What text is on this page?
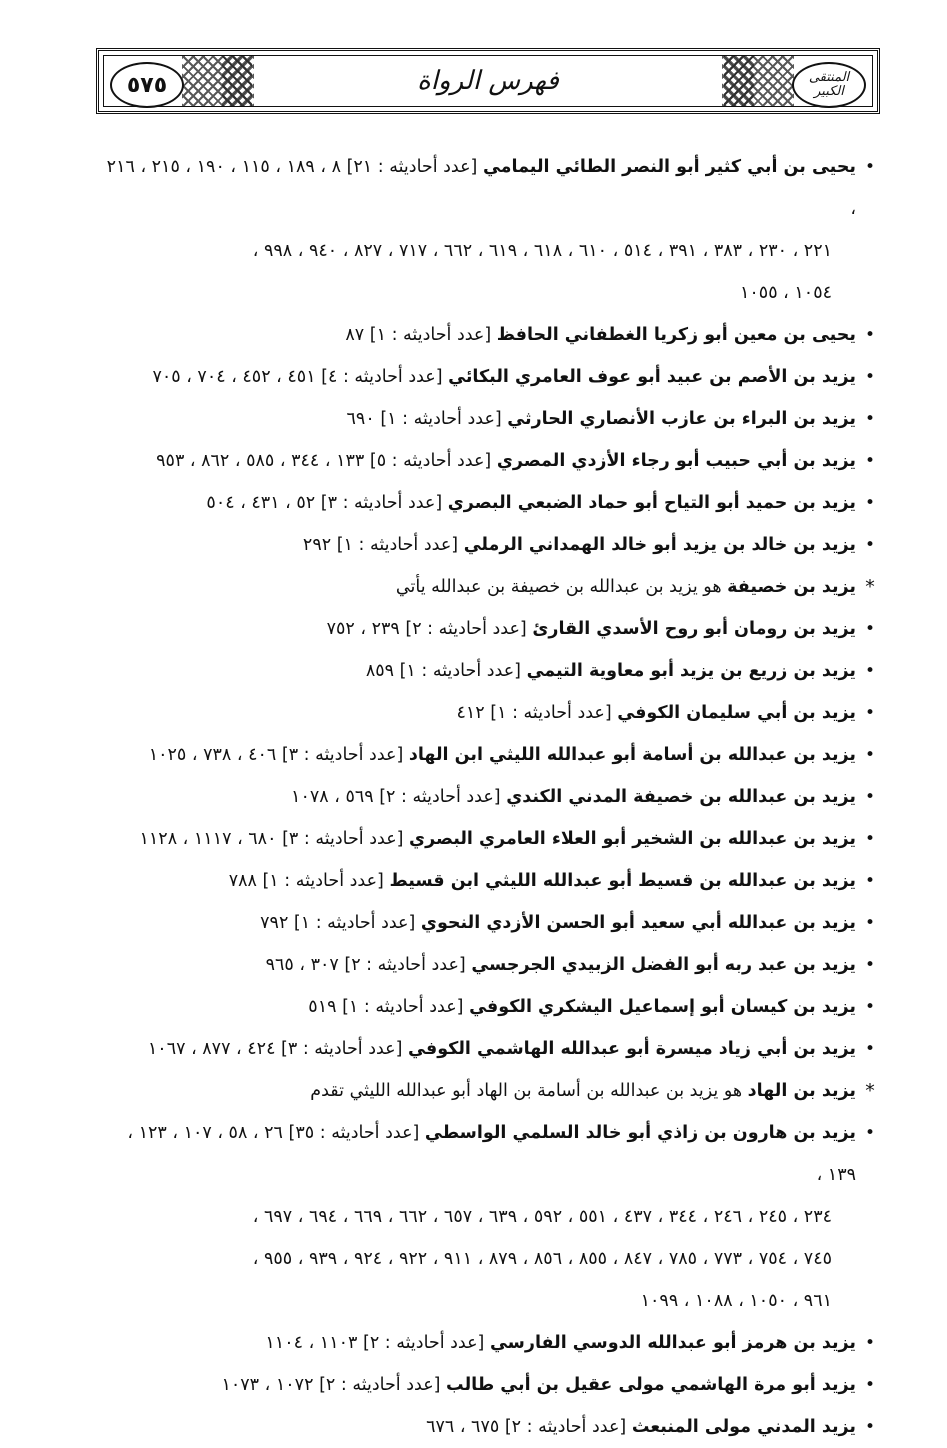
٥٧٥	فهرس الرواة	المنتقى
الكبير
•
يحيى بن أبي كثير أبو النصر الطائي اليمامي [عدد أحاديثه : ٢١] ٨ ، ١٨٩ ، ١١٥ ، ١٩٠ ، ٢١٥ ، ٢١٦ ،
٢٢١ ، ٢٣٠ ، ٣٨٣ ، ٣٩١ ، ٥١٤ ، ٦١٠ ، ٦١٨ ، ٦١٩ ، ٦٦٢ ، ٧١٧ ، ٨٢٧ ، ٩٤٠ ، ٩٩٨ ،
١٠٥٤ ، ١٠٥٥
•
يحيى بن معين أبو زكريا الغطفاني الحافظ [عدد أحاديثه : ١] ٨٧
•
يزيد بن الأصم بن عبيد أبو عوف العامري البكائي [عدد أحاديثه : ٤] ٤٥١ ، ٤٥٢ ، ٧٠٤ ، ٧٠٥
•
يزيد بن البراء بن عازب الأنصاري الحارثي [عدد أحاديثه : ١] ٦٩٠
•
يزيد بن أبي حبيب أبو رجاء الأزدي المصري [عدد أحاديثه : ٥] ١٣٣ ، ٣٤٤ ، ٥٨٥ ، ٨٦٢ ، ٩٥٣
•
يزيد بن حميد أبو التياح أبو حماد الضبعي البصري [عدد أحاديثه : ٣] ٥٢ ، ٤٣١ ، ٥٠٤
•
يزيد بن خالد بن يزيد أبو خالد الهمداني الرملي [عدد أحاديثه : ١] ٢٩٢
*
يزيد بن خصيفة هو يزيد بن عبدالله بن خصيفة بن عبدالله يأتي
•
يزيد بن رومان أبو روح الأسدي القارئ [عدد أحاديثه : ٢] ٢٣٩ ، ٧٥٢
•
يزيد بن زريع بن يزيد أبو معاوية التيمي [عدد أحاديثه : ١] ٨٥٩
•
يزيد بن أبي سليمان الكوفي [عدد أحاديثه : ١] ٤١٢
•
يزيد بن عبدالله بن أسامة أبو عبدالله الليثي ابن الهاد [عدد أحاديثه : ٣] ٤٠٦ ، ٧٣٨ ، ١٠٢٥
•
يزيد بن عبدالله بن خصيفة المدني الكندي [عدد أحاديثه : ٢] ٥٦٩ ، ١٠٧٨
•
يزيد بن عبدالله بن الشخير أبو العلاء العامري البصري [عدد أحاديثه : ٣] ٦٨٠ ، ١١١٧ ، ١١٢٨
•
يزيد بن عبدالله بن قسيط أبو عبدالله الليثي ابن قسيط [عدد أحاديثه : ١] ٧٨٨
•
يزيد بن عبدالله أبي سعيد أبو الحسن الأزدي النحوي [عدد أحاديثه : ١] ٧٩٢
•
يزيد بن عبد ربه أبو الفضل الزبيدي الجرجسي [عدد أحاديثه : ٢] ٣٠٧ ، ٩٦٥
•
يزيد بن كيسان أبو إسماعيل اليشكري الكوفي [عدد أحاديثه : ١] ٥١٩
•
يزيد بن أبي زياد ميسرة أبو عبدالله الهاشمي الكوفي [عدد أحاديثه : ٣] ٤٢٤ ، ٨٧٧ ، ١٠٦٧
*
يزيد بن الهاد هو يزيد بن عبدالله بن أسامة بن الهاد أبو عبدالله الليثي تقدم
•
يزيد بن هارون بن زاذي أبو خالد السلمي الواسطي [عدد أحاديثه : ٣٥] ٢٦ ، ٥٨ ، ١٠٧ ، ١٢٣ ، ١٣٩ ،
٢٣٤ ، ٢٤٥ ، ٢٤٦ ، ٣٤٤ ، ٤٣٧ ، ٥٥١ ، ٥٩٢ ، ٦٣٩ ، ٦٥٧ ، ٦٦٢ ، ٦٦٩ ، ٦٩٤ ، ٦٩٧ ،
٧٤٥ ، ٧٥٤ ، ٧٧٣ ، ٧٨٥ ، ٨٤٧ ، ٨٥٥ ، ٨٥٦ ، ٨٧٩ ، ٩١١ ، ٩٢٢ ، ٩٢٤ ، ٩٣٩ ، ٩٥٥ ،
٩٦١ ، ١٠٥٠ ، ١٠٨٨ ، ١٠٩٩
•
يزيد بن هرمز أبو عبدالله الدوسي الفارسي [عدد أحاديثه : ٢] ١١٠٣ ، ١١٠٤
•
يزيد أبو مرة الهاشمي مولى عقيل بن أبي طالب [عدد أحاديثه : ٢] ١٠٧٢ ، ١٠٧٣
•
يزيد المدني مولى المنبعث [عدد أحاديثه : ٢] ٦٧٥ ، ٦٧٦
